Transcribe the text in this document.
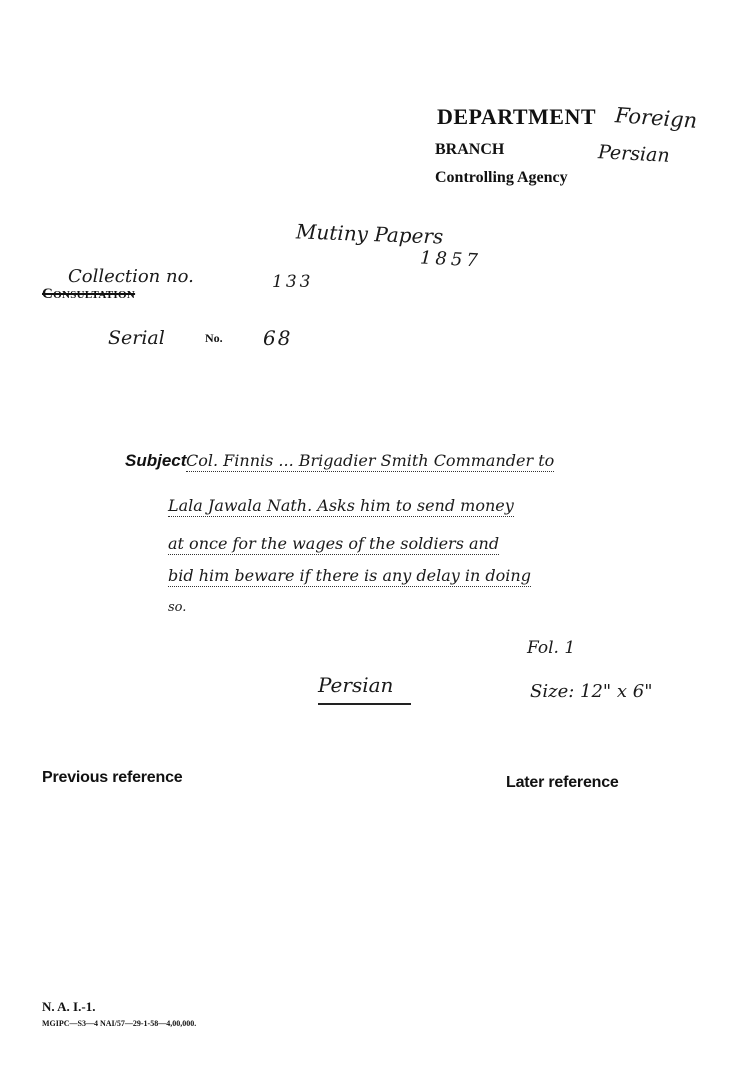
DEPARTMENT Foreign
BRANCH	Persian
Controlling Agency
Mutiny Papers
1857
Collection no.	133
Consultation
Serial	No. 68
Subject Col. Finnis ... Brigadier Smith Commander to
Lala Jawala Nath. Asks him to send money
at once for the wages of the soldiers and
bid him beware if there is any delay in doing
so.
Persian
Fol. 1
Size: 12" x 6"
Previous reference	Later reference
N. A. I.-1.
MGIPC—S3—4 NAI/57—29-1-58—4,00,000.
